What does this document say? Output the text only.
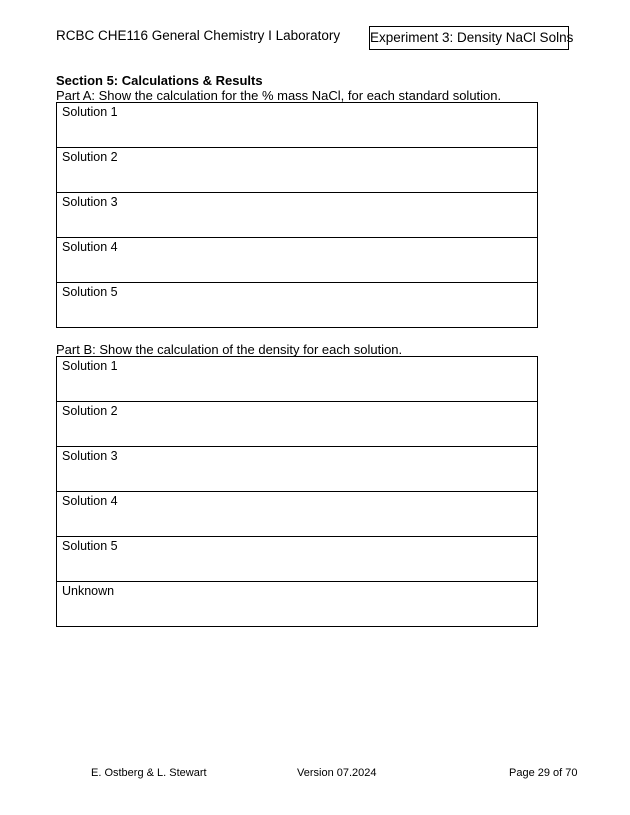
RCBC CHE116 General Chemistry I Laboratory Experiment 3: Density NaCl Solns
Section 5: Calculations & Results
Part A: Show the calculation for the % mass NaCl, for each standard solution.
Solution 1
Solution 2
Solution 3
Solution 4
Solution 5
Part B: Show the calculation of the density for each solution.
Solution 1
Solution 2
Solution 3
Solution 4
Solution 5
Unknown
E. Ostberg & L. Stewart	Version 07.2024	Page 29 of 70
